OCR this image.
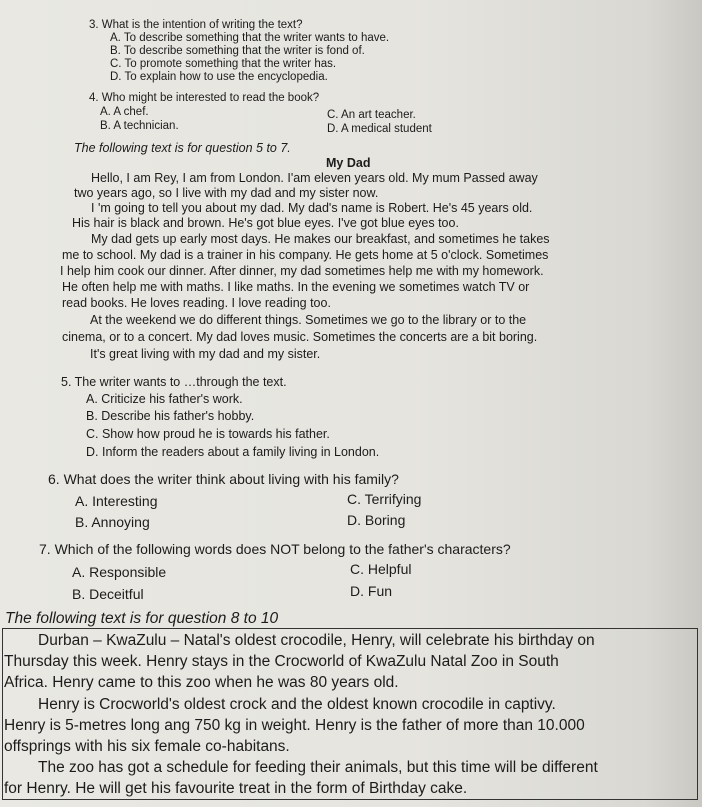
3. What is the intention of writing the text?
A. To describe something that the writer wants to have.
B. To describe something that the writer is fond of.
C. To promote something that the writer has.
D. To explain how to use the encyclopedia.
4. Who might be interested to read the book?
A. A chef.	C. An art teacher.
B. A technician.	D. A medical student
The following text is for question 5 to 7.
My Dad
Hello, I am Rey, I am from London. I'am eleven years old. My mum Passed away
two years ago, so I live with my dad and my sister now.
I 'm going to tell you about my dad. My dad's name is Robert. He's 45 years old.
His hair is black and brown. He's got blue eyes. I've got blue eyes too.
My dad gets up early most days. He makes our breakfast, and sometimes he takes
me to school. My dad is a trainer in his company. He gets home at 5 o'clock. Sometimes
I help him cook our dinner. After dinner, my dad sometimes help me with my homework.
He often help me with maths. I like maths. In the evening we sometimes watch TV or
read books. He loves reading. I love reading too.
At the weekend we do different things. Sometimes we go to the library or to the
cinema, or to a concert. My dad loves music. Sometimes the concerts are a bit boring.
It's great living with my dad and my sister.
5. The writer wants to …through the text.
A. Criticize his father's work.
B. Describe his father's hobby.
C. Show how proud he is towards his father.
D. Inform the readers about a family living in London.
6. What does the writer think about living with his family?
A. Interesting	C. Terrifying
B. Annoying	D. Boring
7. Which of the following words does NOT belong to the father's characters?
A. Responsible	C. Helpful
B. Deceitful	D. Fun
The following text is for question 8 to 10
Durban – KwaZulu – Natal's oldest crocodile, Henry, will celebrate his birthday on
Thursday this week. Henry stays in the Crocworld of KwaZulu Natal Zoo in South
Africa. Henry came to this zoo when he was 80 years old.
Henry is Crocworld's oldest crock and the oldest known crocodile in captivy.
Henry is 5-metres long ang 750 kg in weight. Henry is the father of more than 10.000
offsprings with his six female co-habitans.
The zoo has got a schedule for feeding their animals, but this time will be different
for Henry. He will get his favourite treat in the form of Birthday cake.
